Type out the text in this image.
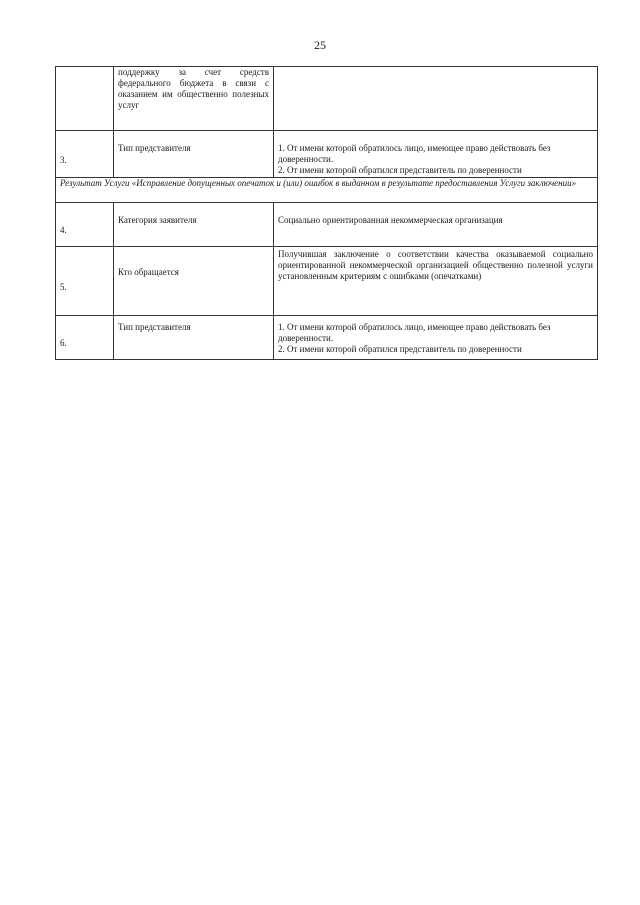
25
	поддержку за счет средств федерального бюджета в связи с оказанием им общественно полезных услуг	
3.	Тип представителя	1. От имени которой обратилось лицо, имеющее право действовать без доверенности.
2. От имени которой обратился представитель по доверенности

Результат Услуги «Исправление допущенных опечаток и (или) ошибок в выданном в результате предоставления Услуги заключении»		
4.	Категория заявителя	Социально ориентированная некоммерческая организация
5.	Кто обращается	Получившая заключение о соответствии качества оказываемой социально ориентированной некоммерческой организацией общественно полезной услуги установленным критериям с ошибками (опечатками)
6.	Тип представителя	1. От имени которой обратилось лицо, имеющее право действовать без доверенности.
2. От имени которой обратился представитель по доверенности
